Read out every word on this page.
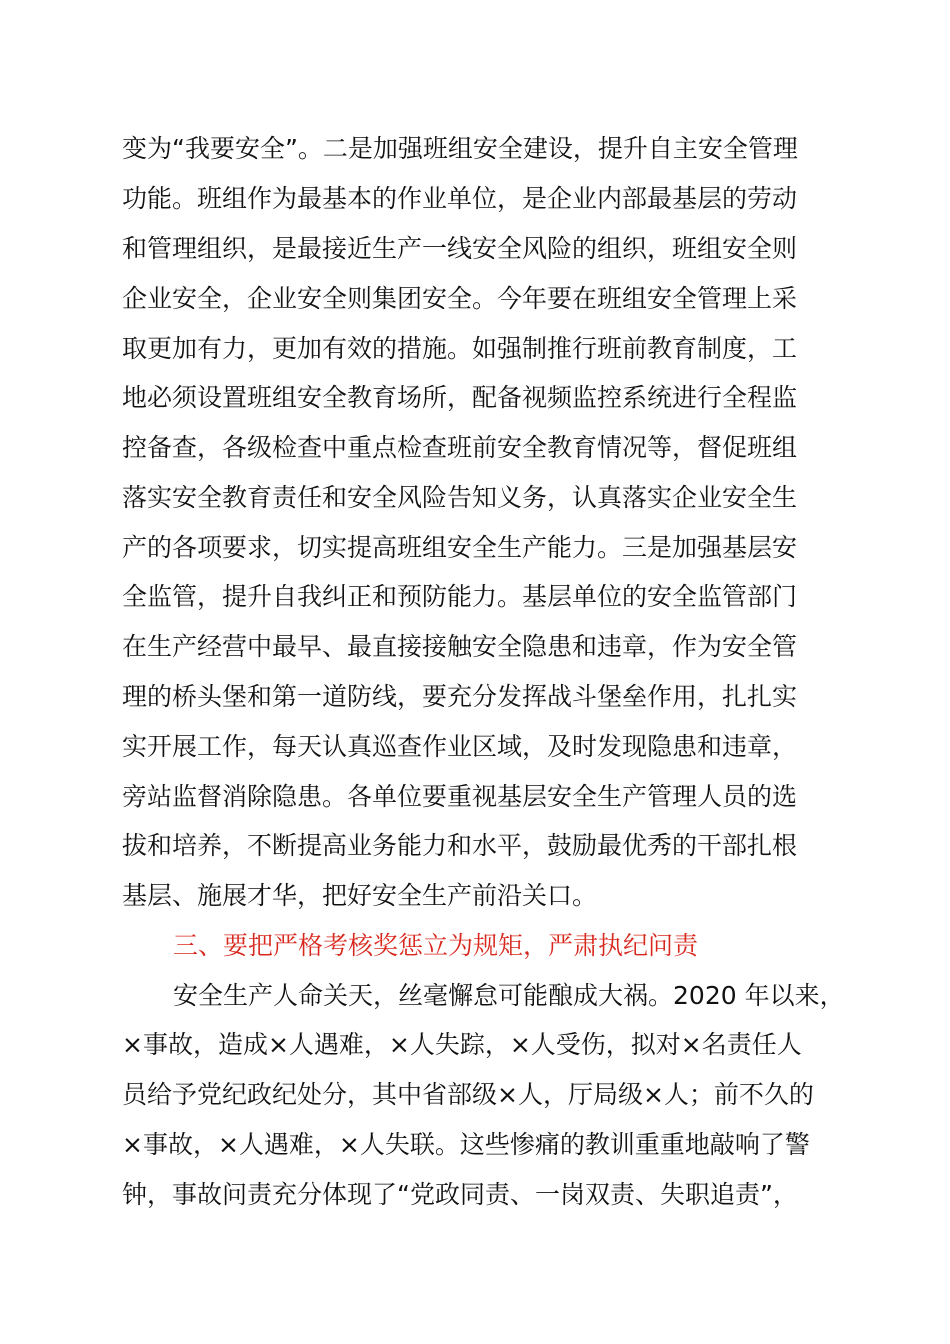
变为“我要安全”。二是加强班组安全建设，提升自主安全管理
功能。班组作为最基本的作业单位，是企业内部最基层的劳动
和管理组织，是最接近生产一线安全风险的组织，班组安全则
企业安全，企业安全则集团安全。今年要在班组安全管理上采
取更加有力，更加有效的措施。如强制推行班前教育制度，工
地必须设置班组安全教育场所，配备视频监控系统进行全程监
控备查，各级检查中重点检查班前安全教育情况等，督促班组
落实安全教育责任和安全风险告知义务，认真落实企业安全生
产的各项要求，切实提高班组安全生产能力。三是加强基层安
全监管，提升自我纠正和预防能力。基层单位的安全监管部门
在生产经营中最早、最直接接触安全隐患和违章，作为安全管
理的桥头堡和第一道防线，要充分发挥战斗堡垒作用，扎扎实
实开展工作，每天认真巡查作业区域，及时发现隐患和违章，
旁站监督消除隐患。各单位要重视基层安全生产管理人员的选
拔和培养，不断提高业务能力和水平，鼓励最优秀的干部扎根
基层、施展才华，把好安全生产前沿关口。
三、要把严格考核奖惩立为规矩，严肃执纪问责
安全生产人命关天，丝毫懈怠可能酿成大祸。2020 年以来，
×事故，造成×人遇难，×人失踪，×人受伤，拟对×名责任人
员给予党纪政纪处分，其中省部级×人，厅局级×人；前不久的
×事故，×人遇难，×人失联。这些惨痛的教训重重地敲响了警
钟，事故问责充分体现了“党政同责、一岗双责、失职追责”，
